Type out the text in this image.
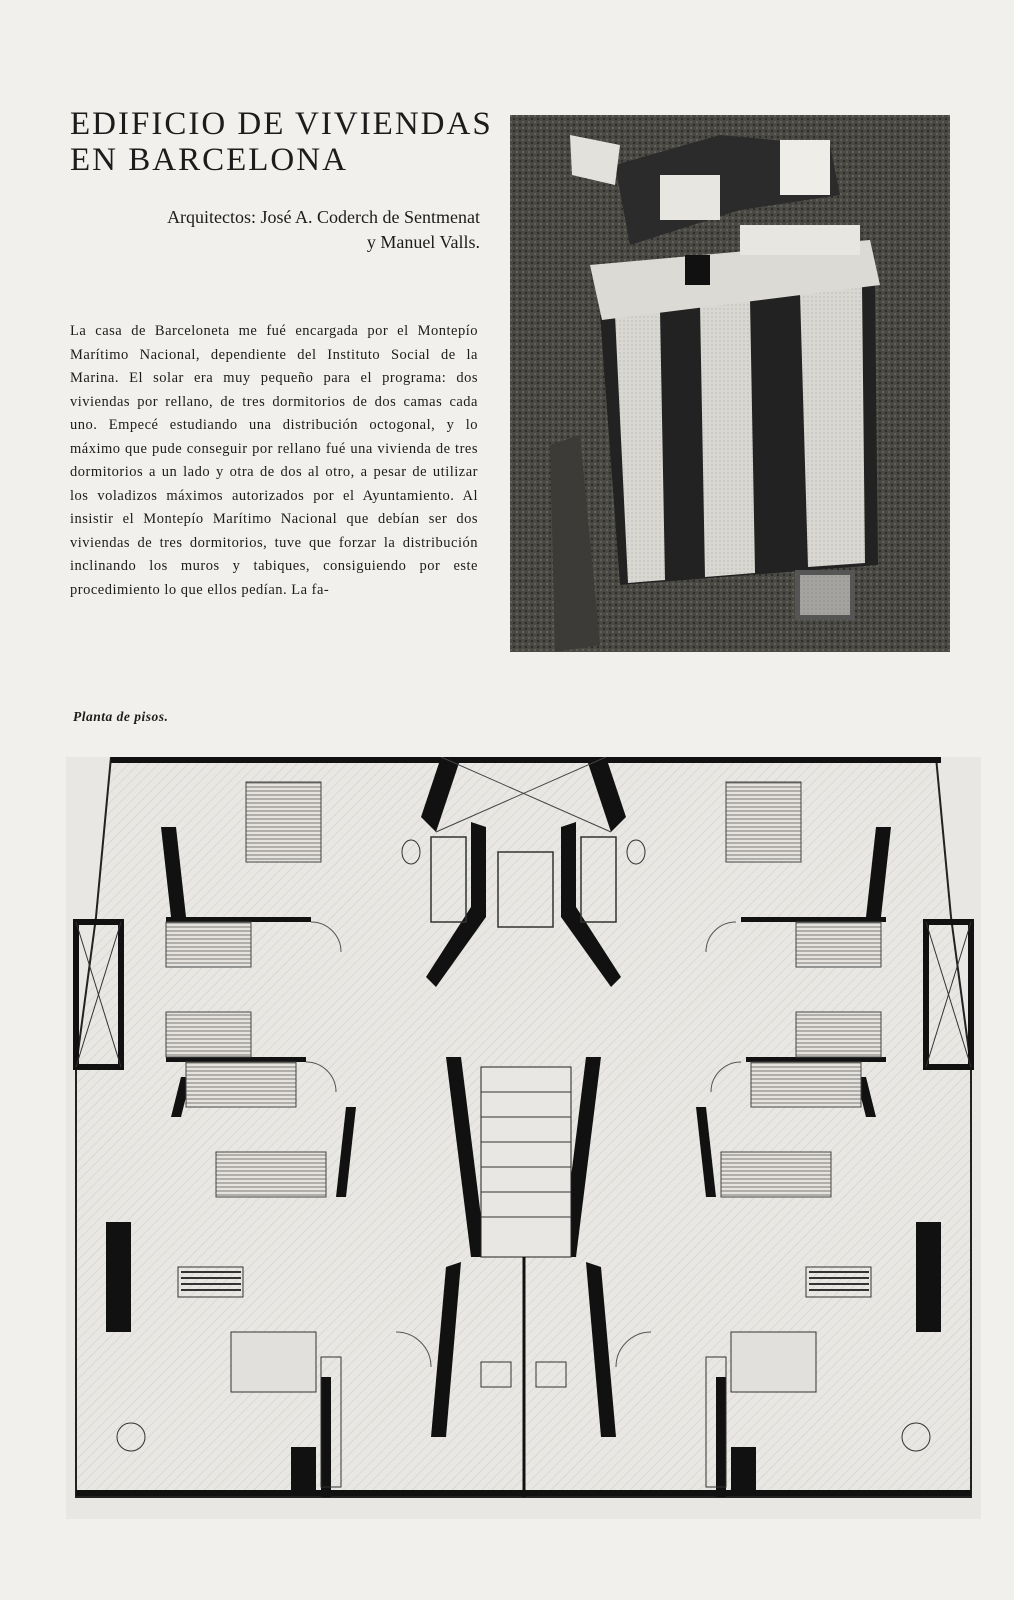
EDIFICIO DE VIVIENDAS
EN BARCELONA
Arquitectos: José A. Coderch de Sentmenat
y Manuel Valls.

La casa de Barceloneta me fué encargada por el Montepío Marítimo Nacional, dependiente del Instituto Social de la Marina. El solar era muy pequeño para el programa: dos viviendas por rellano, de tres dormitorios de dos camas cada uno. Empecé estudiando una distribución octogonal, y lo máximo que pude conseguir por rellano fué una vivienda de tres dormitorios a un lado y otra de dos al otro, a pesar de utilizar los voladizos máximos autorizados por el Ayuntamiento. Al insistir el Montepío Marítimo Nacional que debían ser dos viviendas de tres dormitorios, tuve que forzar la distribución inclinando los muros y tabiques, consiguiendo por este procedimiento lo que ellos pedían. La fa-

Planta de pisos.
